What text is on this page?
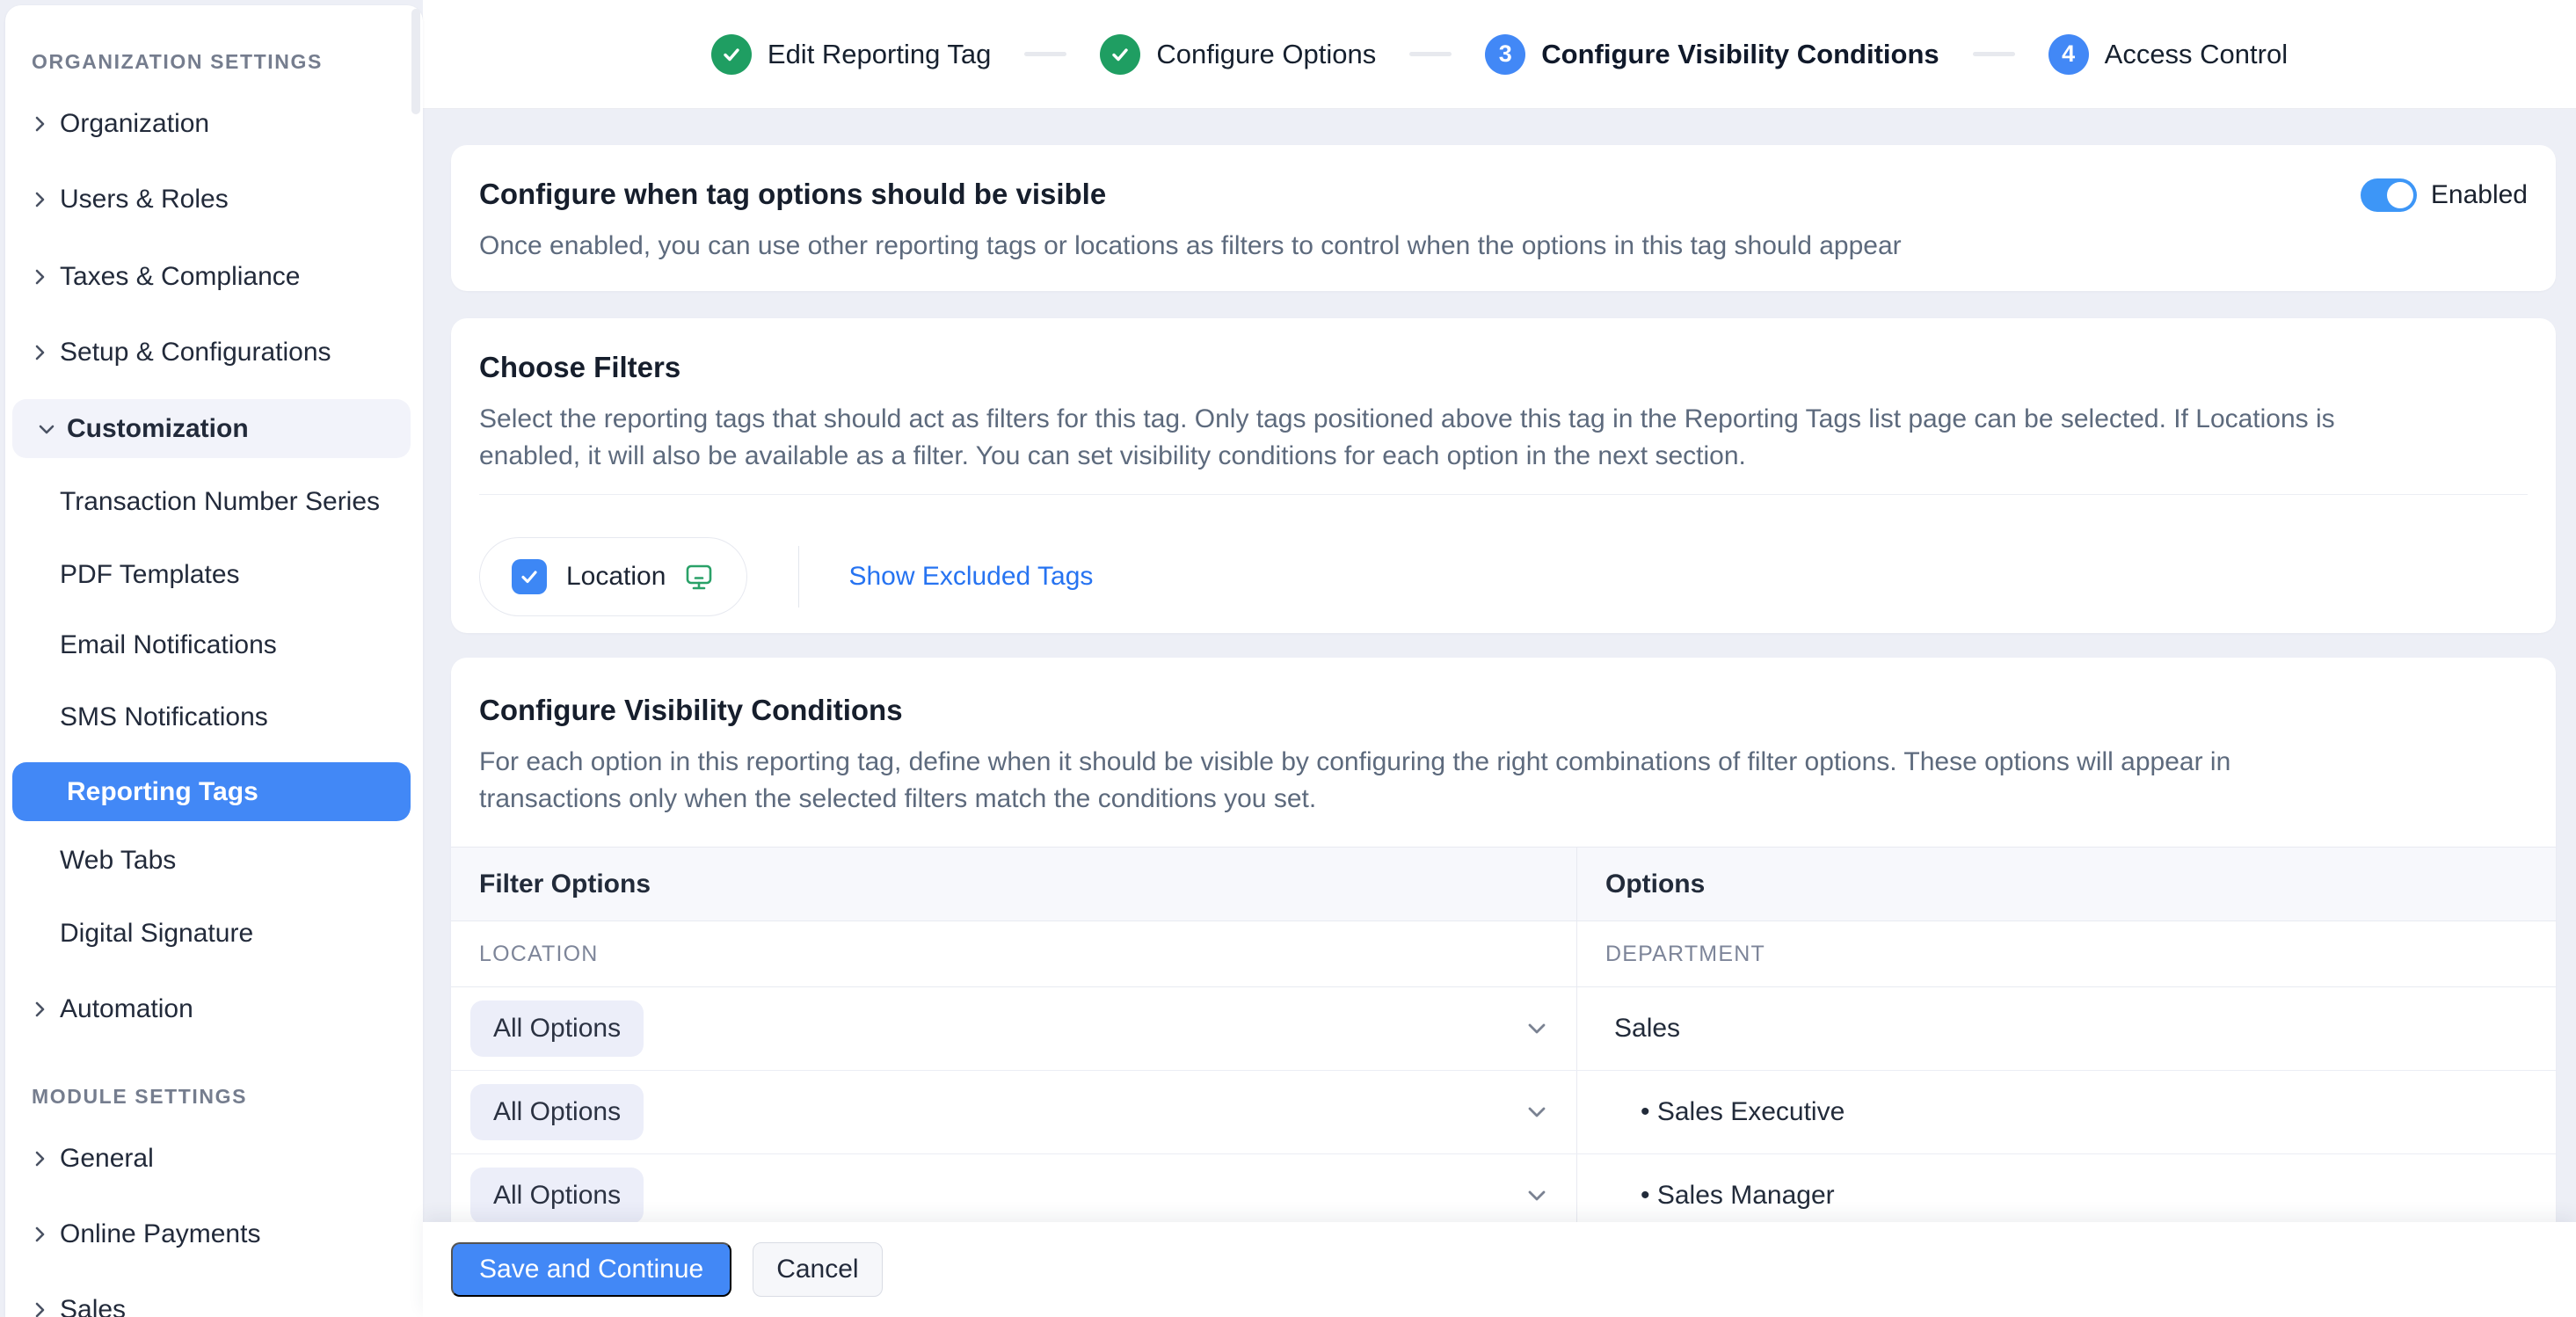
ORGANIZATION SETTINGS
Organization
Users & Roles
Taxes & Compliance
Setup & Configurations
Customization
Transaction Number Series
PDF Templates
Email Notifications
SMS Notifications
Reporting Tags
Web Tabs
Digital Signature
Automation
MODULE SETTINGS
General
Online Payments
Sales
Edit Reporting Tag	Configure Options	3	Configure Visibility Conditions	4	Access Control
Configure when tag options should be visible
Once enabled, you can use other reporting tags or locations as filters to control when the options in this tag should appear
Enabled
Choose Filters
Select the reporting tags that should act as filters for this tag. Only tags positioned above this tag in the Reporting Tags list page can be selected. If Locations is enabled, it will also be available as a filter. You can set visibility conditions for each option in the next section.
Location	Show Excluded Tags
Configure Visibility Conditions
For each option in this reporting tag, define when it should be visible by configuring the right combinations of filter options. These options will appear in transactions only when the selected filters match the conditions you set.
Filter Options	Options
LOCATION	DEPARTMENT
All Options	Sales
All Options	• Sales Executive
All Options	• Sales Manager
Save and Continue	Cancel
